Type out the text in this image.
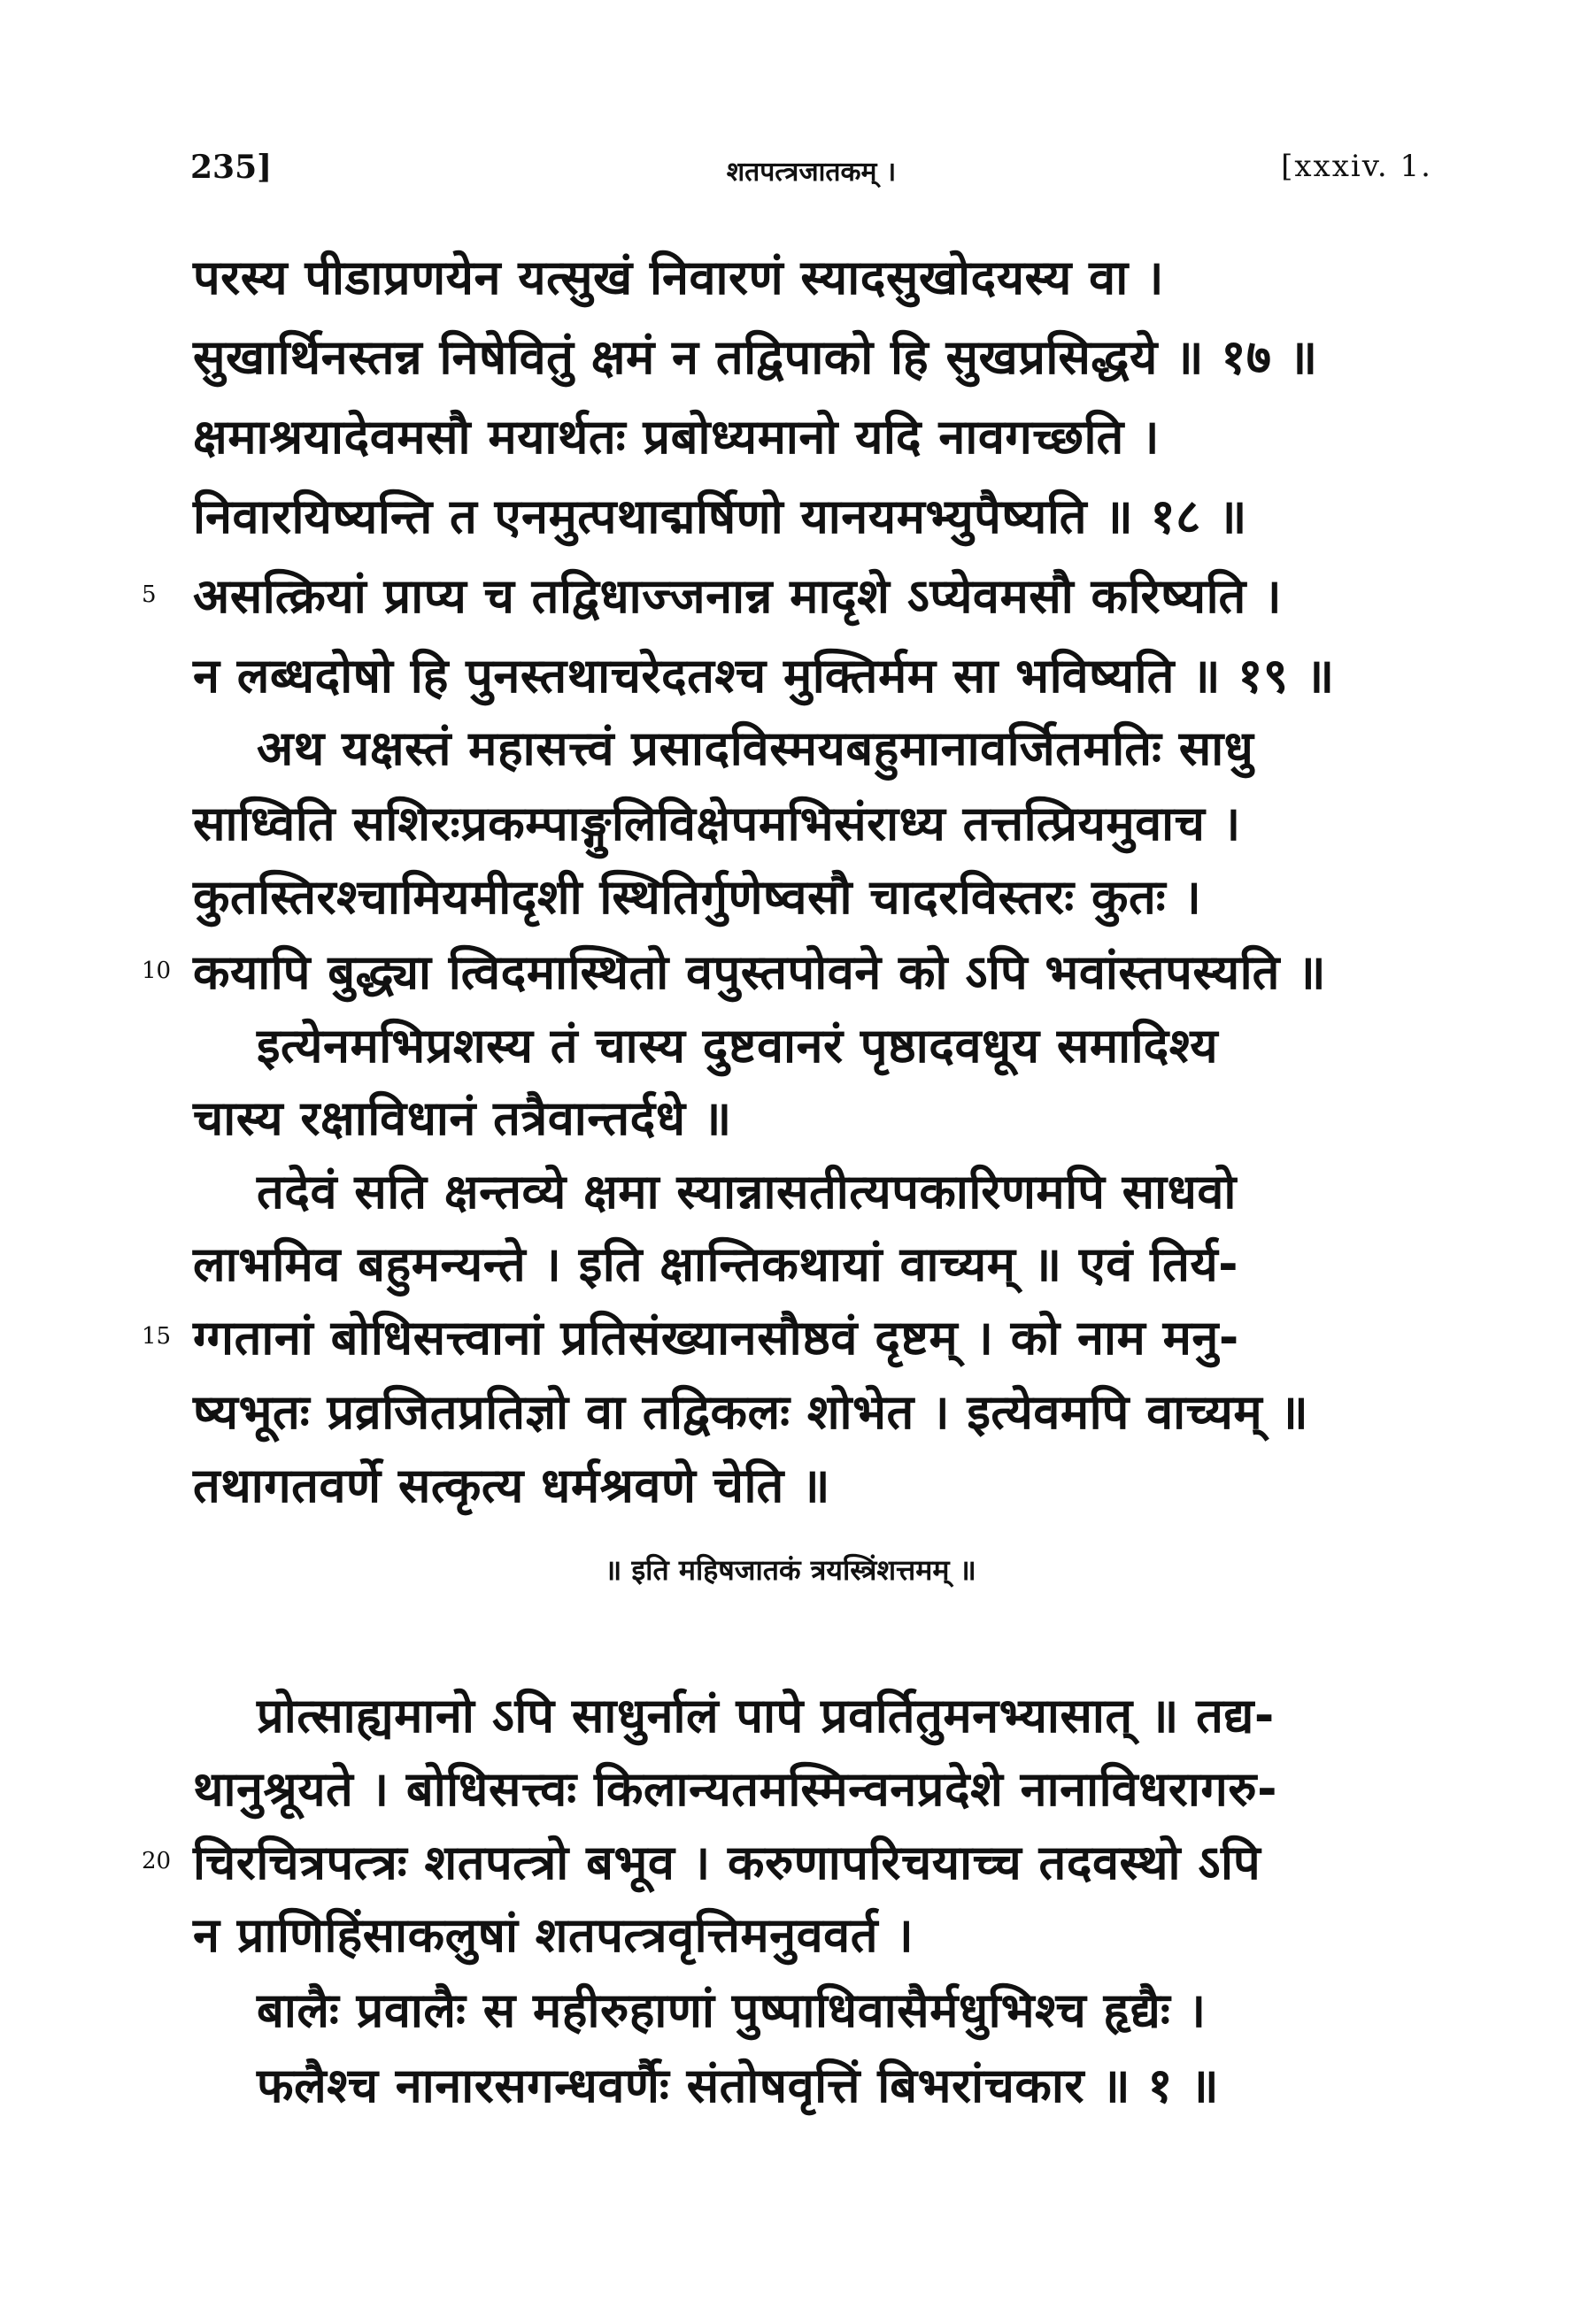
235]	शतपत्त्रजातकम् ।	[xxxiv. 1.
परस्य पीडाप्रणयेन यत्सुखं निवारणं स्यादसुखोदयस्य वा ।
सुखार्थिनस्तन्न निषेवितुं क्षमं न तद्विपाको हि सुखप्रसिद्धये ॥ १७ ॥
क्षमाश्रयादेवमसौ मयार्थतः प्रबोध्यमानो यदि नावगच्छति ।
निवारयिष्यन्ति त एनमुत्पथाद्मर्षिणो यानयमभ्युपैष्यति ॥ १८ ॥
5 असत्क्रियां प्राप्य च तद्विधाज्जनान्न मादृशे ऽप्येवमसौ करिष्यति ।
न लब्धदोषो हि पुनस्तथाचरेदतश्च मुक्तिर्मम सा भविष्यति ॥ १९ ॥
अथ यक्षस्तं महासत्त्वं प्रसादविस्मयबहुमानावर्जितमतिः साधु
साध्विति सशिरःप्रकम्पाङ्गुलिविक्षेपमभिसंराध्य तत्तत्प्रियमुवाच ।
कुतस्तिरश्चामियमीदृशी स्थितिर्गुणेष्वसौ चादरविस्तरः कुतः ।
10 कयापि बुद्ध्या त्विदमास्थितो वपुस्तपोवने को ऽपि भवांस्तपस्यति ॥
इत्येनमभिप्रशस्य तं चास्य दुष्टवानरं पृष्ठादवधूय समादिश्य
चास्य रक्षाविधानं तत्रैवान्तर्दधे ॥
तदेवं सति क्षन्तव्ये क्षमा स्यान्नासतीत्यपकारिणमपि साधवो
लाभमिव बहुमन्यन्ते । इति क्षान्तिकथायां वाच्यम् ॥ एवं तिर्य-
15 ग्गतानां बोधिसत्त्वानां प्रतिसंख्यानसौष्ठवं दृष्टम् । को नाम मनु-
ष्यभूतः प्रव्रजितप्रतिज्ञो वा तद्विकलः शोभेत । इत्येवमपि वाच्यम् ॥
तथागतवर्णे सत्कृत्य धर्मश्रवणे चेति ॥
॥ इति महिषजातकं त्रयस्त्रिंशत्तमम् ॥
प्रोत्साह्यमानो ऽपि साधुर्नालं पापे प्रवर्तितुमनभ्यासात् ॥ तद्य-
थानुश्रूयते । बोधिसत्त्वः किलान्यतमस्मिन्वनप्रदेशे नानाविधरागरु-
20 चिरचित्रपत्त्रः शतपत्त्रो बभूव । करुणापरिचयाच्च तदवस्थो ऽपि
न प्राणिहिंसाकलुषां शतपत्त्रवृत्तिमनुववर्त ।
बालैः प्रवालैः स महीरुहाणां पुष्पाधिवासैर्मधुभिश्च हृद्यैः ।
फलैश्च नानारसगन्धवर्णैः संतोषवृत्तिं बिभरांचकार ॥ १ ॥
